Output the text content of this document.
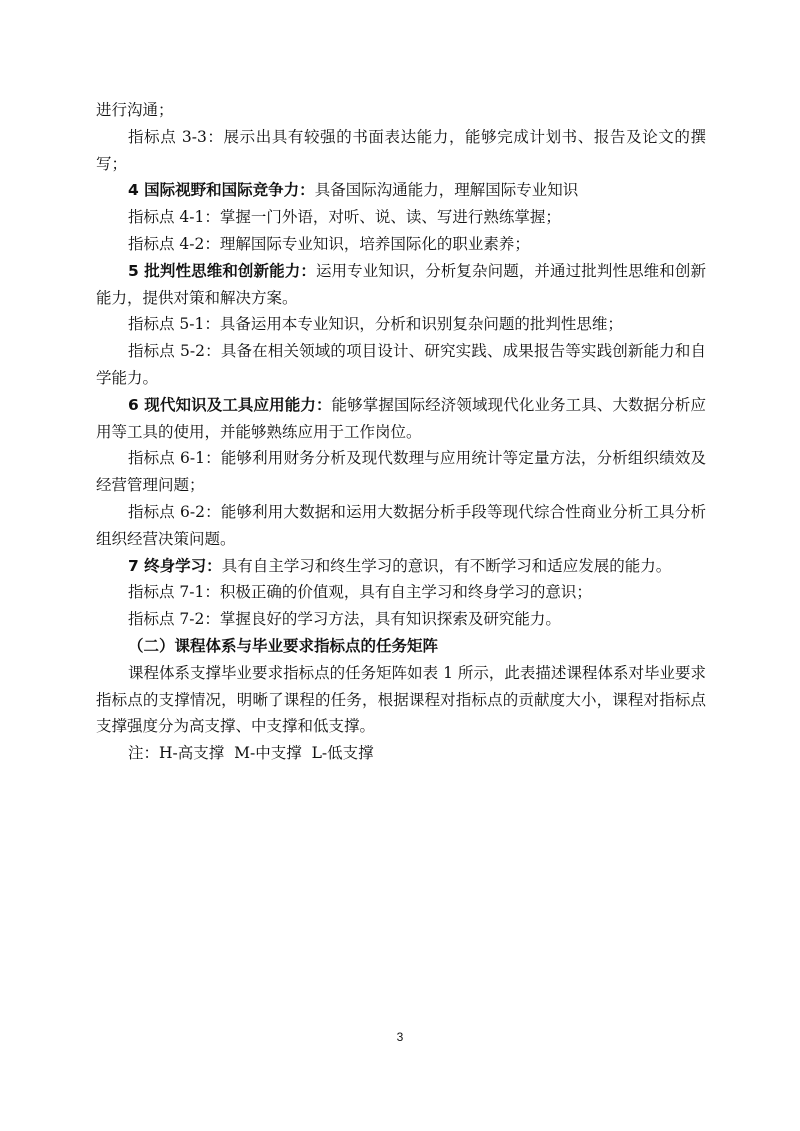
进行沟通；

指标点 3-3：展示出具有较强的书面表达能力，能够完成计划书、报告及论文的撰写；

4 国际视野和国际竞争力：具备国际沟通能力，理解国际专业知识

指标点 4-1：掌握一门外语，对听、说、读、写进行熟练掌握；

指标点 4-2：理解国际专业知识，培养国际化的职业素养；

5 批判性思维和创新能力：运用专业知识，分析复杂问题，并通过批判性思维和创新能力，提供对策和解决方案。

指标点 5-1：具备运用本专业知识，分析和识别复杂问题的批判性思维；

指标点 5-2：具备在相关领域的项目设计、研究实践、成果报告等实践创新能力和自学能力。

6 现代知识及工具应用能力：能够掌握国际经济领域现代化业务工具、大数据分析应用等工具的使用，并能够熟练应用于工作岗位。

指标点 6-1：能够利用财务分析及现代数理与应用统计等定量方法，分析组织绩效及经营管理问题；

指标点 6-2：能够利用大数据和运用大数据分析手段等现代综合性商业分析工具分析组织经营决策问题。

7 终身学习：具有自主学习和终生学习的意识，有不断学习和适应发展的能力。

指标点 7-1：积极正确的价值观，具有自主学习和终身学习的意识；

指标点 7-2：掌握良好的学习方法，具有知识探索及研究能力。

（二）课程体系与毕业要求指标点的任务矩阵

课程体系支撑毕业要求指标点的任务矩阵如表 1 所示，此表描述课程体系对毕业要求指标点的支撑情况，明晰了课程的任务，根据课程对指标点的贡献度大小，课程对指标点支撑强度分为高支撑、中支撑和低支撑。

注：H-高支撑  M-中支撑  L-低支撑

3
